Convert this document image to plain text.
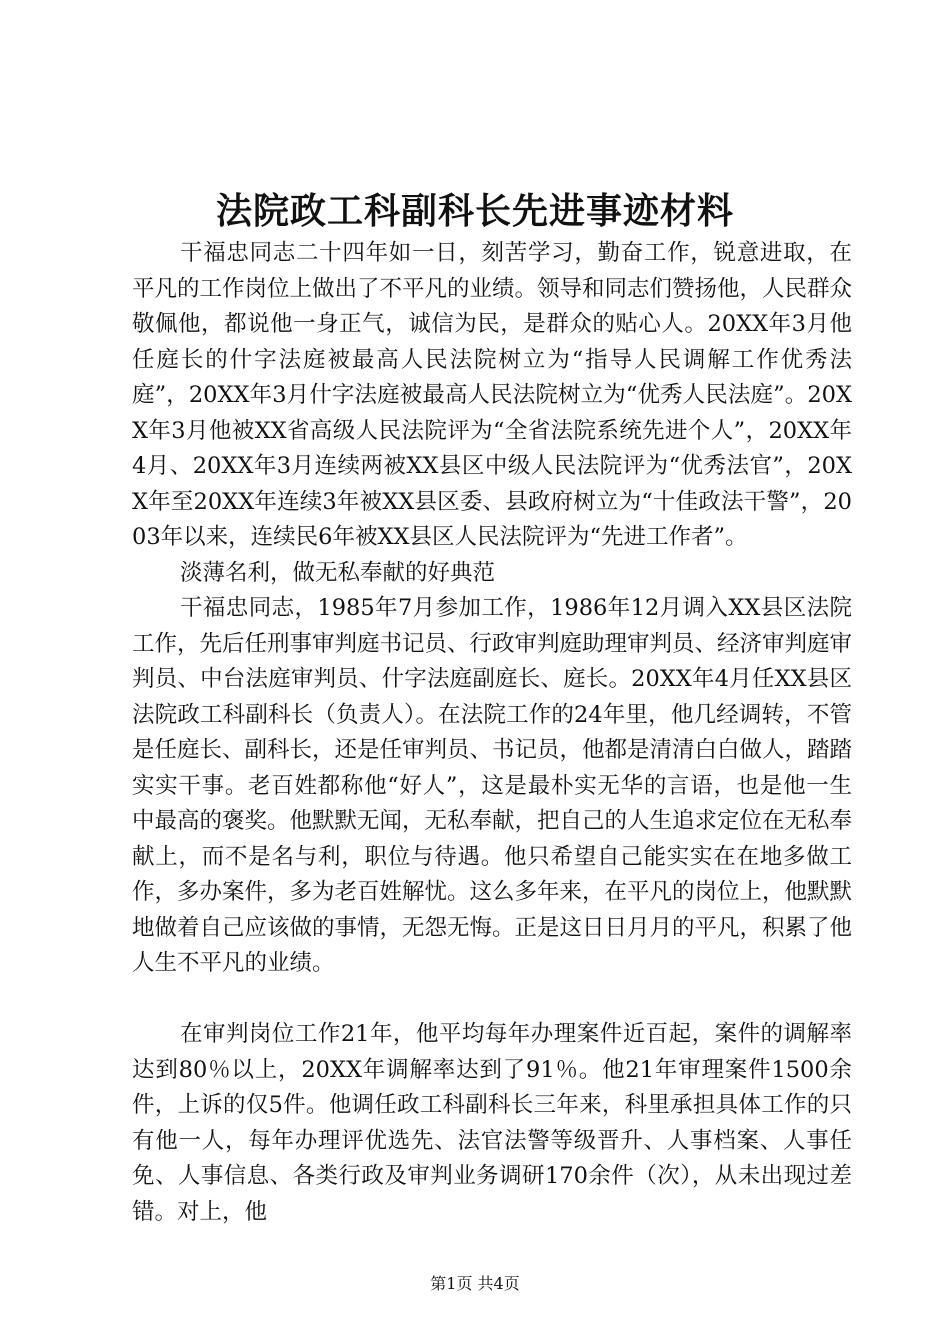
法院政工科副科长先进事迹材料

干福忠同志二十四年如一日，刻苦学习，勤奋工作，锐意进取，在平凡的工作岗位上做出了不平凡的业绩。领导和同志们赞扬他，人民群众敬佩他，都说他一身正气，诚信为民，是群众的贴心人。20XX年3月他任庭长的什字法庭被最高人民法院树立为“指导人民调解工作优秀法庭”，20XX年3月什字法庭被最高人民法院树立为“优秀人民法庭”。20XX年3月他被XX省高级人民法院评为“全省法院系统先进个人”，20XX年4月、20XX年3月连续两被XX县区中级人民法院评为“优秀法官”，20XX年至20XX年连续3年被XX县区委、县政府树立为“十佳政法干警”，2003年以来，连续民6年被XX县区人民法院评为“先进工作者”。

淡薄名利，做无私奉献的好典范

干福忠同志，1985年7月参加工作，1986年12月调入XX县区法院工作，先后任刑事审判庭书记员、行政审判庭助理审判员、经济审判庭审判员、中台法庭审判员、什字法庭副庭长、庭长。20XX年4月任XX县区法院政工科副科长（负责人）。在法院工作的24年里，他几经调转，不管是任庭长、副科长，还是任审判员、书记员，他都是清清白白做人，踏踏实实干事。老百姓都称他“好人”，这是最朴实无华的言语，也是他一生中最高的褒奖。他默默无闻，无私奉献，把自己的人生追求定位在无私奉献上，而不是名与利，职位与待遇。他只希望自己能实实在在地多做工作，多办案件，多为老百姓解忧。这么多年来，在平凡的岗位上，他默默地做着自己应该做的事情，无怨无悔。正是这日日月月的平凡，积累了他人生不平凡的业绩。

在审判岗位工作21年，他平均每年办理案件近百起，案件的调解率达到80％以上，20XX年调解率达到了91％。他21年审理案件1500余件，上诉的仅5件。他调任政工科副科长三年来，科里承担具体工作的只有他一人，每年办理评优选先、法官法警等级晋升、人事档案、人事任免、人事信息、各类行政及审判业务调研170余件（次），从未出现过差错。对上，他

第1页 共4页
